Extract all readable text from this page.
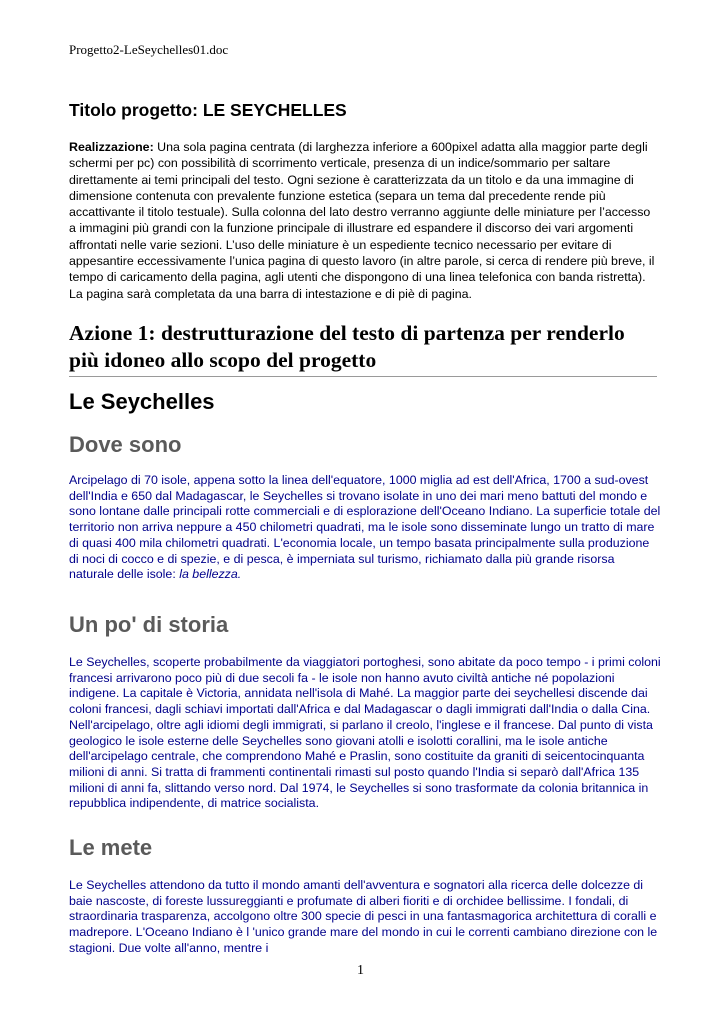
Progetto2-LeSeychelles01.doc
Titolo progetto: LE SEYCHELLES

Realizzazione: Una sola pagina centrata (di larghezza inferiore a 600pixel adatta alla maggior parte degli schermi per pc) con possibilità di scorrimento verticale, presenza di un indice/sommario per saltare direttamente ai temi principali del testo. Ogni sezione è caratterizzata da un titolo e da una immagine di dimensione contenuta con prevalente funzione estetica (separa un tema dal precedente rende più accattivante il titolo testuale). Sulla colonna del lato destro verranno aggiunte delle miniature per l’accesso a immagini più grandi con la funzione principale di illustrare ed espandere il discorso dei vari argomenti affrontati nelle varie sezioni. L’uso delle miniature è un espediente tecnico necessario per evitare di appesantire eccessivamente l’unica pagina di questo lavoro (in altre parole, si cerca di rendere più breve, il tempo di caricamento della pagina, agli utenti che dispongono di una linea telefonica con banda ristretta). La pagina sarà completata da una barra di intestazione e di piè di pagina.

Azione 1: destrutturazione del testo di partenza per renderlo più idoneo allo scopo del progetto
Le Seychelles
Dove sono

Arcipelago di 70 isole, appena sotto la linea dell'equatore, 1000 miglia ad est dell'Africa, 1700 a sud-ovest dell'India e 650 dal Madagascar, le Seychelles si trovano isolate in uno dei mari meno battuti del mondo e sono lontane dalle principali rotte commerciali e di esplorazione dell'Oceano Indiano. La superficie totale del territorio non arriva neppure a 450 chilometri quadrati, ma le isole sono disseminate lungo un tratto di mare di quasi 400 mila chilometri quadrati. L'economia locale, un tempo basata principalmente sulla produzione di noci di cocco e di spezie, e di pesca, è imperniata sul turismo, richiamato dalla più grande risorsa naturale delle isole: la bellezza.

Un po' di storia

Le Seychelles, scoperte probabilmente da viaggiatori portoghesi, sono abitate da poco tempo - i primi coloni francesi arrivarono poco più di due secoli fa - le isole non hanno avuto civiltà antiche né popolazioni indigene. La capitale è Victoria, annidata nell'isola di Mahé. La maggior parte dei seychellesi discende dai coloni francesi, dagli schiavi importati dall'Africa e dal Madagascar o dagli immigrati dall'India o dalla Cina. Nell'arcipelago, oltre agli idiomi degli immigrati, si parlano il creolo, l'inglese e il francese. Dal punto di vista geologico le isole esterne delle Seychelles sono giovani atolli e isolotti corallini, ma le isole antiche dell'arcipelago centrale, che comprendono Mahé e Praslin, sono costituite da graniti di seicentocinquanta milioni di anni. Si tratta di frammenti continentali rimasti sul posto quando l'India si separò dall'Africa 135 milioni di anni fa, slittando verso nord. Dal 1974, le Seychelles si sono trasformate da colonia britannica in repubblica indipendente, di matrice socialista.

Le mete

Le Seychelles attendono da tutto il mondo amanti dell'avventura e sognatori alla ricerca delle dolcezze di baie nascoste, di foreste lussureggianti e profumate di alberi fioriti e di orchidee bellissime. I fondali, di straordinaria trasparenza, accolgono oltre 300 specie di pesci in una fantasmagorica architettura di coralli e madrepore. L'Oceano Indiano è l 'unico grande mare del mondo in cui le correnti cambiano direzione con le stagioni. Due volte all'anno, mentre i

1
